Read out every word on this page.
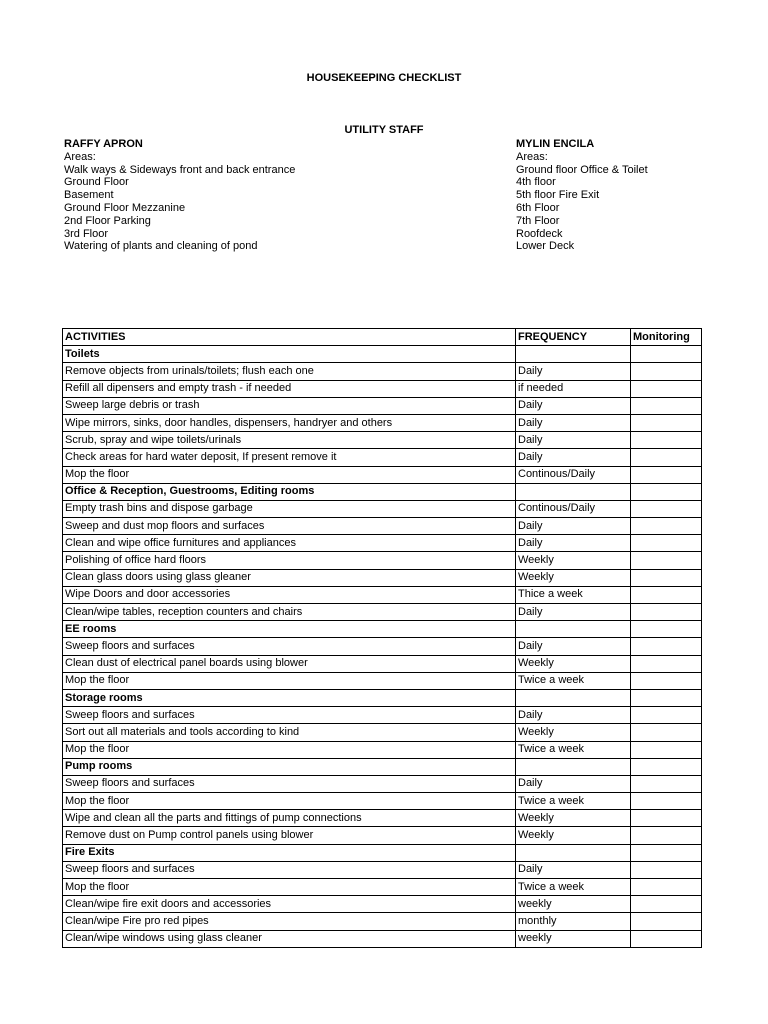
HOUSEKEEPING CHECKLIST
UTILITY STAFF
RAFFY APRON
Areas:
Walk ways & Sideways front and back entrance
Ground Floor
Basement
Ground Floor Mezzanine
2nd Floor Parking
3rd Floor
Watering of plants and cleaning of pond
MYLIN ENCILA
Areas:
Ground floor Office & Toilet
4th floor
5th floor Fire Exit
6th Floor
7th Floor
Roofdeck
Lower Deck
ACTIVITIES	FREQUENCY	Monitoring
Toilets		
Remove objects from urinals/toilets; flush each one	Daily	
Refill all dipensers and empty trash - if needed	if needed	
Sweep large debris or trash	Daily	
Wipe mirrors, sinks, door handles, dispensers, handryer and others	Daily	
Scrub, spray and wipe toilets/urinals	Daily	
Check areas for hard water deposit, If present remove it	Daily	
Mop the floor	Continous/Daily	
Office & Reception, Guestrooms, Editing rooms		
Empty trash bins and dispose garbage	Continous/Daily	
Sweep and dust mop floors and surfaces	Daily	
Clean and wipe office furnitures and appliances	Daily	
Polishing of office hard floors	Weekly	
Clean glass doors using glass gleaner	Weekly	
Wipe Doors and door accessories	Thice a week	
Clean/wipe tables, reception counters and chairs	Daily	
EE rooms		
Sweep floors and surfaces	Daily	
Clean dust of electrical panel boards using blower	Weekly	
Mop the floor	Twice a week	
Storage rooms		
Sweep floors and surfaces	Daily	
Sort out all materials and tools according to kind	Weekly	
Mop the floor	Twice a week	
Pump rooms		
Sweep floors and surfaces	Daily	
Mop the floor	Twice a week	
Wipe and clean all the parts and fittings of pump connections	Weekly	
Remove dust on Pump control panels using blower	Weekly	
Fire Exits		
Sweep floors and surfaces	Daily	
Mop the floor	Twice a week	
Clean/wipe fire exit doors and accessories	weekly	
Clean/wipe Fire pro red pipes	monthly	
Clean/wipe windows using glass cleaner	weekly	
